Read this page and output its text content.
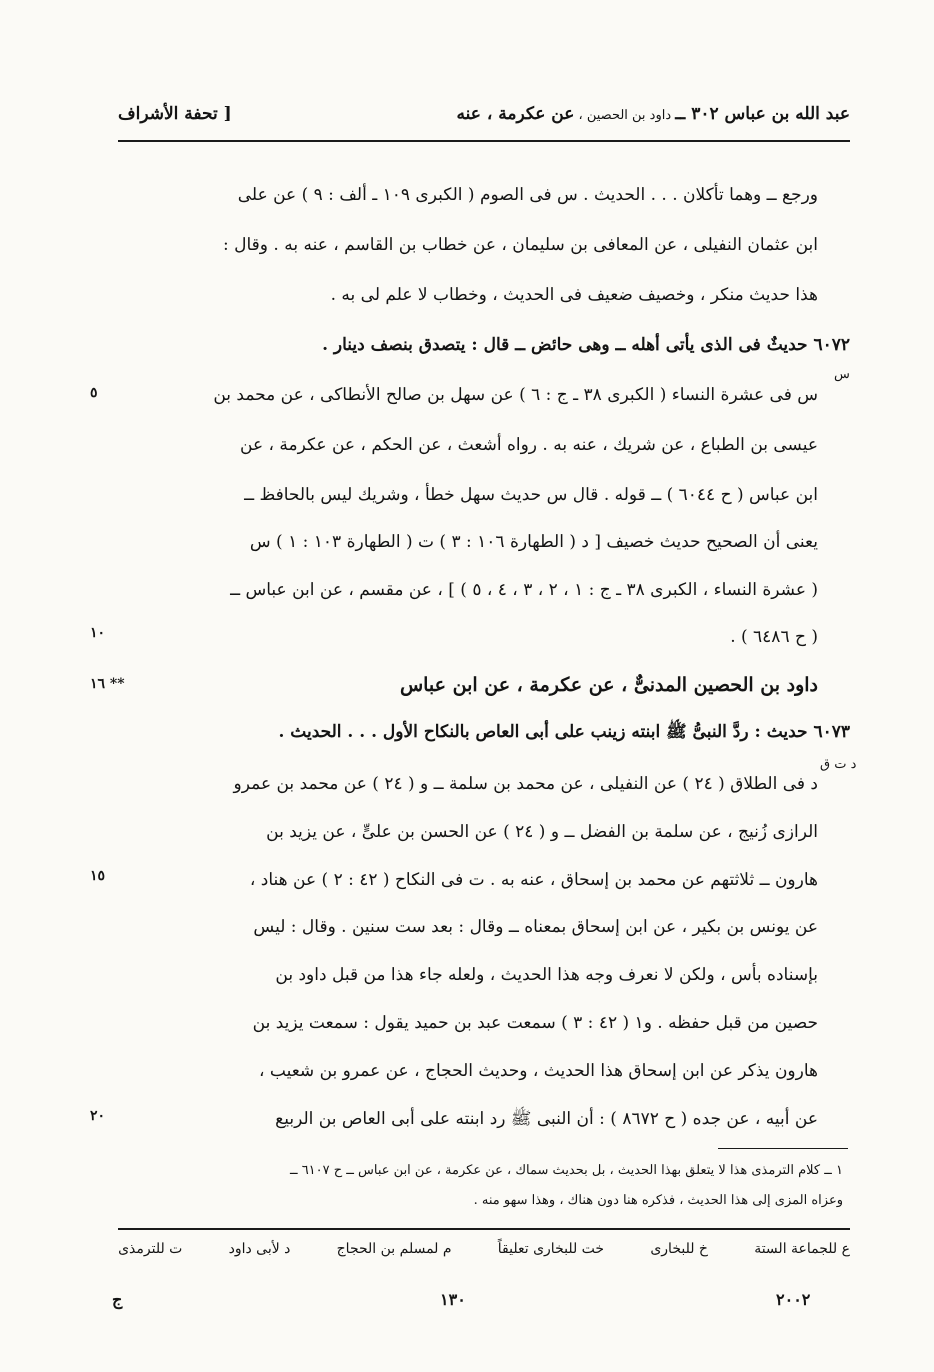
عبد الله بن عباس ٣٠٢ ــ داود بن الحصين ، عن عكرمة ، عنه
[ تحفة الأشراف
ورجع ــ وهما تأكلان . . . الحديث . س فى الصوم ( الكبرى ١٠٩ ـ ألف : ٩ ) عن على
ابن عثمان النفيلى ، عن المعافى بن سليمان ، عن خطاب بن القاسم ، عنه به . وقال :
هذا حديث منكر ، وخصيف ضعيف فى الحديث ، وخطاب لا علم لى به .
٦٠٧٢ حديثٌ فى الذى يأتى أهله ــ وهى حائض ــ قال : يتصدق بنصف دينار .
س فى عشرة النساء ( الكبرى ٣٨ ـ ج : ٦ ) عن سهل بن صالح الأنطاكى ، عن محمد بن
عيسى بن الطباع ، عن شريك ، عنه به . رواه أشعث ، عن الحكم ، عن عكرمة ، عن
ابن عباس ( ح ٦٠٤٤ ) ــ قوله . قال س حديث سهل خطأ ، وشريك ليس بالحافظ ــ
يعنى أن الصحيح حديث خصيف [ د ( الطهارة ١٠٦ : ٣ ) ت ( الطهارة ١٠٣ : ١ ) س
( عشرة النساء ، الكبرى ٣٨ ـ ج : ١ ، ٢ ، ٣ ، ٤ ، ٥ ) ] ، عن مقسم ، عن ابن عباس ــ
( ح ٦٤٨٦ ) .
داود بن الحصين المدنىٌّ ، عن عكرمة ، عن ابن عباس
٦٠٧٣ حديث : ردَّ النبىُّ ﷺ ابنته زينب على أبى العاص بالنكاح الأول . . . الحديث .
د فى الطلاق ( ٢٤ ) عن النفيلى ، عن محمد بن سلمة ــ و ( ٢٤ ) عن محمد بن عمرو
الرازى زُنيج ، عن سلمة بن الفضل ــ و ( ٢٤ ) عن الحسن بن علىٍّ ، عن يزيد بن
هارون ــ ثلاثتهم عن محمد بن إسحاق ، عنه به . ت فى النكاح ( ٤٢ : ٢ ) عن هناد ،
عن يونس بن بكير ، عن ابن إسحاق بمعناه ــ وقال : بعد ست سنين . وقال : ليس
بإسناده بأس ، ولكن لا نعرف وجه هذا الحديث ، ولعله جاء هذا من قبل داود بن
حصين من قبل حفظه . و١ ( ٤٢ : ٣ ) سمعت عبد بن حميد يقول : سمعت يزيد بن
هارون يذكر عن ابن إسحاق هذا الحديث ، وحديث الحجاج ، عن عمرو بن شعيب ،
عن أبيه ، عن جده ( ح ٨٦٧٢ ) : أن النبى ﷺ رد ابنته على أبى العاص بن الربيع
٥
١٠
١٦ **
١٥
٢٠
س
د ت ق
١ ــ كلام الترمذى هذا لا يتعلق بهذا الحديث ، بل بحديث سماك ، عن عكرمة ، عن ابن عباس ــ ح ٦١٠٧ ــ
وعزاه المزى إلى هذا الحديث ، فذكره هنا دون هناك ، وهذا سهو منه .
ع للجماعة الستة
خ للبخارى
خت للبخارى تعليقاً
م لمسلم بن الحجاج
د لأبى داود
ت للترمذى
٢٠٠٢
١٣٠
ج
